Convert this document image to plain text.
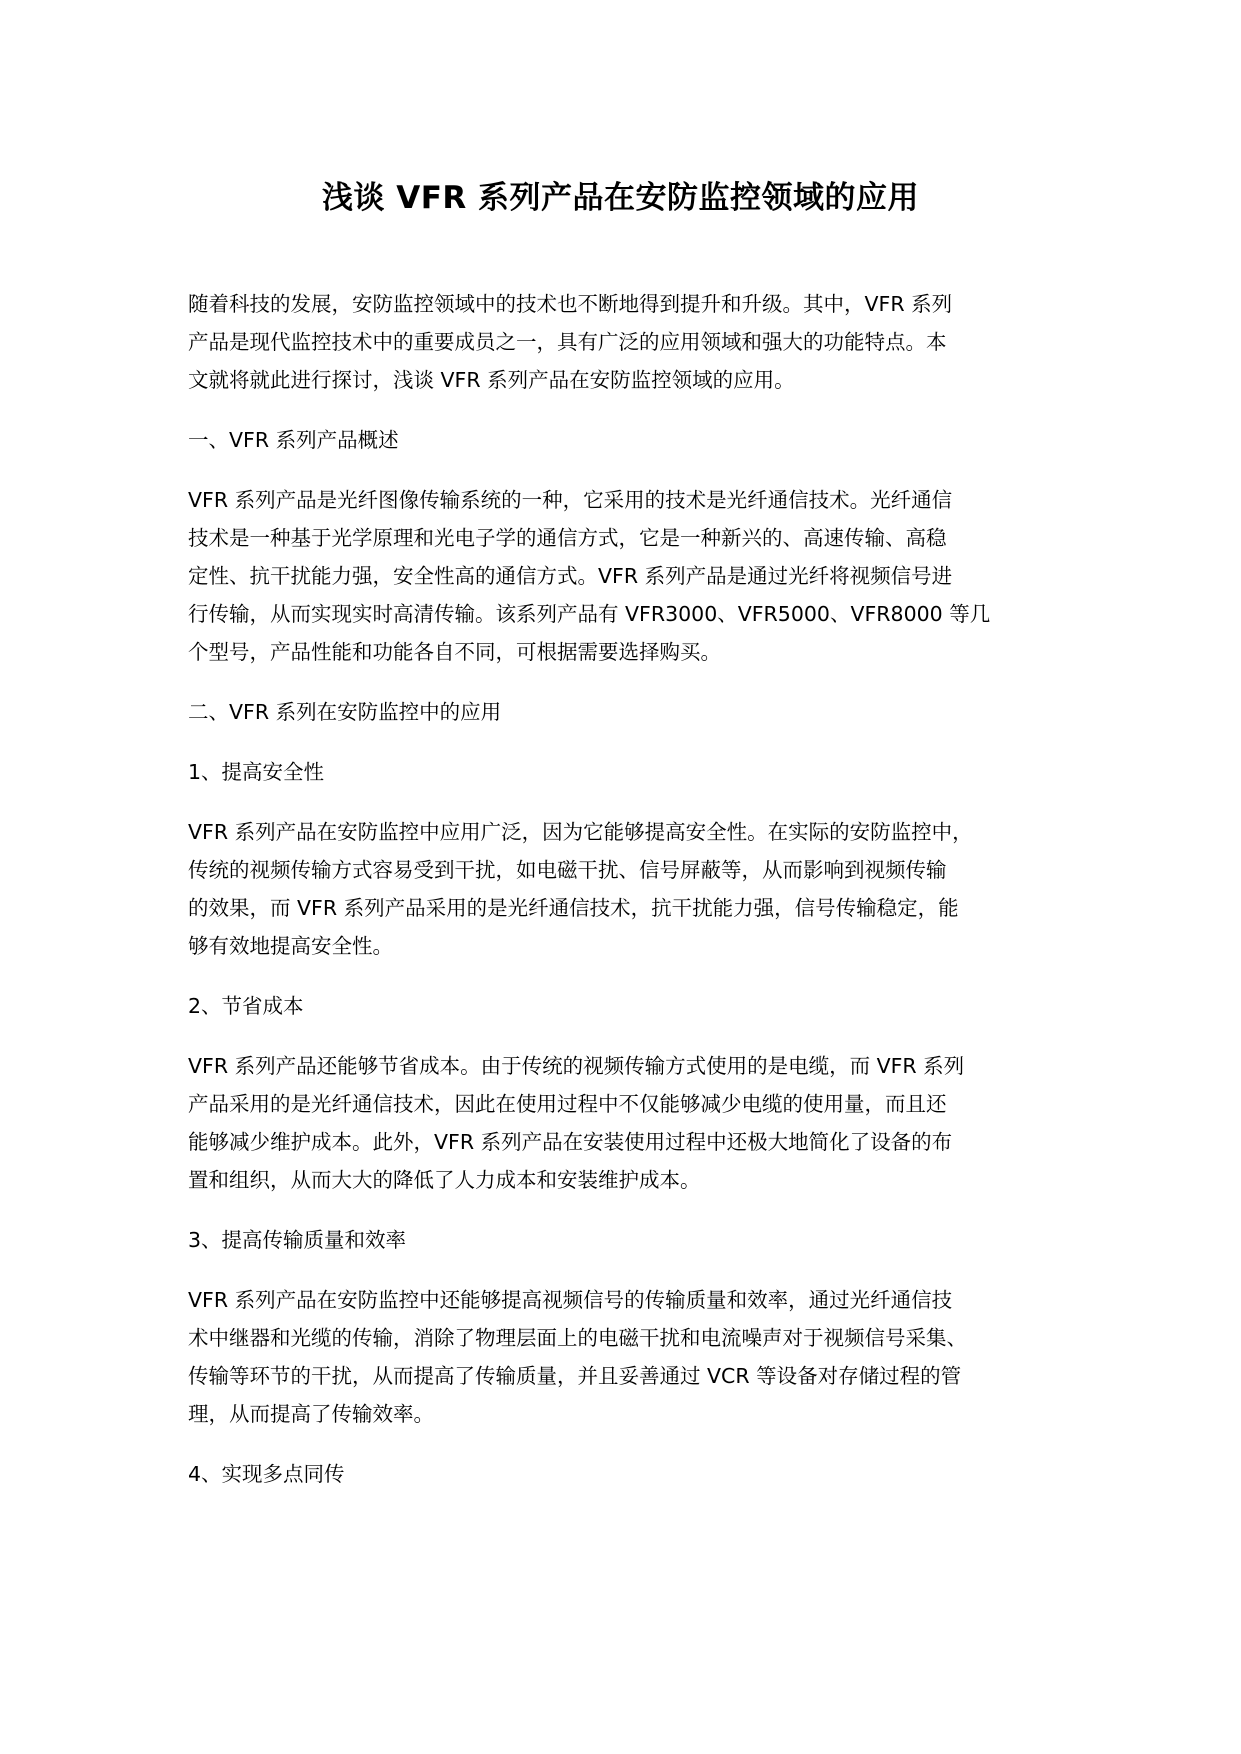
浅谈 VFR 系列产品在安防监控领域的应用
随着科技的发展，安防监控领域中的技术也不断地得到提升和升级。其中，VFR 系列
产品是现代监控技术中的重要成员之一，具有广泛的应用领域和强大的功能特点。本
文就将就此进行探讨，浅谈 VFR 系列产品在安防监控领域的应用。
一、VFR 系列产品概述
VFR 系列产品是光纤图像传输系统的一种，它采用的技术是光纤通信技术。光纤通信
技术是一种基于光学原理和光电子学的通信方式，它是一种新兴的、高速传输、高稳
定性、抗干扰能力强，安全性高的通信方式。VFR 系列产品是通过光纤将视频信号进
行传输，从而实现实时高清传输。该系列产品有 VFR3000、VFR5000、VFR8000 等几
个型号，产品性能和功能各自不同，可根据需要选择购买。
二、VFR 系列在安防监控中的应用
1、提高安全性
VFR 系列产品在安防监控中应用广泛，因为它能够提高安全性。在实际的安防监控中，
传统的视频传输方式容易受到干扰，如电磁干扰、信号屏蔽等，从而影响到视频传输
的效果，而 VFR 系列产品采用的是光纤通信技术，抗干扰能力强，信号传输稳定，能
够有效地提高安全性。
2、节省成本
VFR 系列产品还能够节省成本。由于传统的视频传输方式使用的是电缆，而 VFR 系列
产品采用的是光纤通信技术，因此在使用过程中不仅能够减少电缆的使用量，而且还
能够减少维护成本。此外，VFR 系列产品在安装使用过程中还极大地简化了设备的布
置和组织，从而大大的降低了人力成本和安装维护成本。
3、提高传输质量和效率
VFR 系列产品在安防监控中还能够提高视频信号的传输质量和效率，通过光纤通信技
术中继器和光缆的传输，消除了物理层面上的电磁干扰和电流噪声对于视频信号采集、
传输等环节的干扰，从而提高了传输质量，并且妥善通过 VCR 等设备对存储过程的管
理，从而提高了传输效率。
4、实现多点同传
